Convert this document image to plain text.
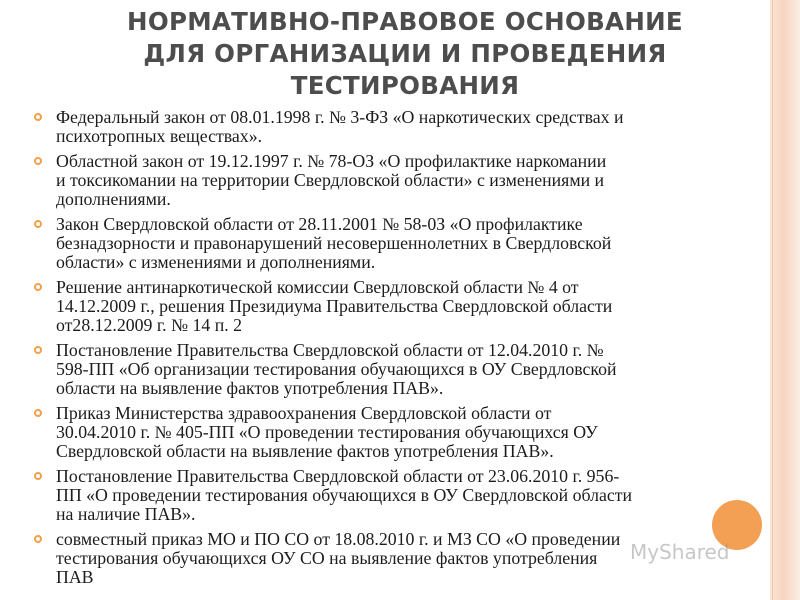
НОРМАТИВНО-ПРАВОВОЕ ОСНОВАНИЕ
ДЛЯ ОРГАНИЗАЦИИ И ПРОВЕДЕНИЯ
ТЕСТИРОВАНИЯ
Федеральный закон от 08.01.1998 г. № 3-ФЗ «О наркотических средствах и
психотропных веществах».
Областной закон от 19.12.1997 г. № 78-ОЗ «О профилактике наркомании
и токсикомании на территории Свердловской области» с изменениями и
дополнениями.
Закон Свердловской области от 28.11.2001 № 58-0З «О профилактике
безнадзорности и правонарушений несовершеннолетних в Свердловской
области» с изменениями и дополнениями.
Решение антинаркотической комиссии Свердловской области № 4 от
14.12.2009 г., решения Президиума Правительства Свердловской области
от28.12.2009 г. № 14 п. 2
Постановление Правительства Свердловской области от 12.04.2010 г. №
598-ПП «Об организации тестирования обучающихся в ОУ Свердловской
области на выявление фактов употребления ПАВ».
Приказ Министерства здравоохранения Свердловской области от
30.04.2010 г. № 405-ПП «О проведении тестирования обучающихся ОУ
Свердловской области на выявление фактов употребления ПАВ».
Постановление Правительства Свердловской области от 23.06.2010 г. 956-
ПП «О проведении тестирования обучающихся в ОУ Свердловской области
на наличие ПАВ».
совместный приказ МО и ПО СО от 18.08.2010 г. и МЗ СО «О проведении
тестирования обучающихся ОУ СО на выявление фактов употребления
ПАВ
MyShared
